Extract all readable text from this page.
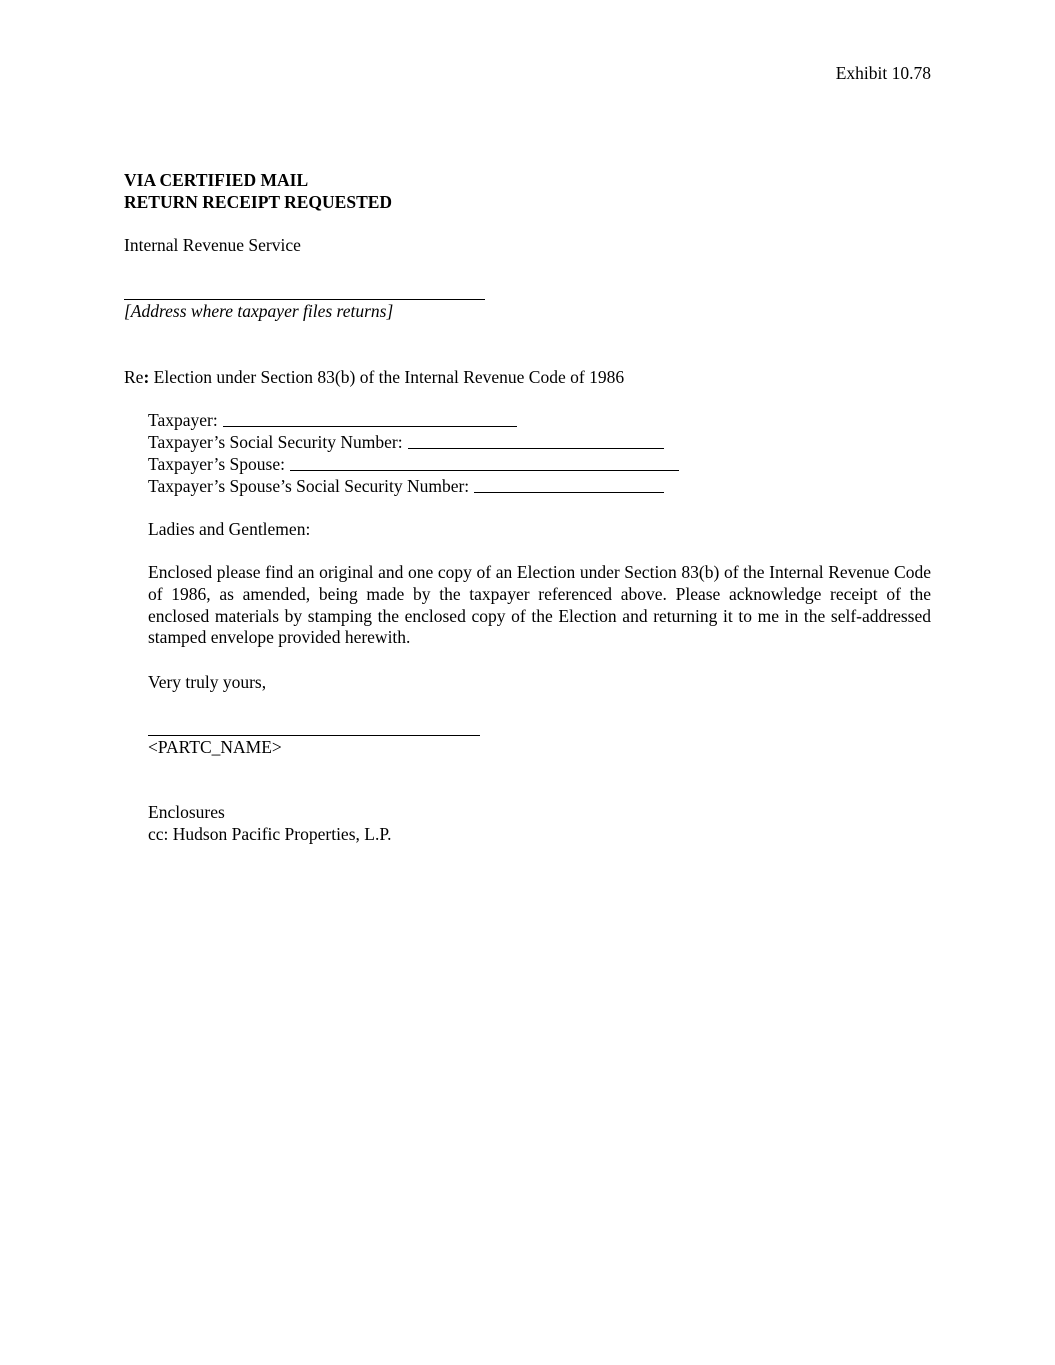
Exhibit 10.78
VIA CERTIFIED MAIL
RETURN RECEIPT REQUESTED
Internal Revenue Service
[Address where taxpayer files returns]
Re: Election under Section 83(b) of the Internal Revenue Code of 1986
Taxpayer:
Taxpayer’s Social Security Number:
Taxpayer’s Spouse:
Taxpayer’s Spouse’s Social Security Number:
Ladies and Gentlemen:
Enclosed please find an original and one copy of an Election under Section 83(b) of the Internal Revenue Code of 1986, as amended, being made by the taxpayer referenced above. Please acknowledge receipt of the enclosed materials by stamping the enclosed copy of the Election and returning it to me in the self-addressed stamped envelope provided herewith.
Very truly yours,
<PARTC_NAME>
Enclosures
cc: Hudson Pacific Properties, L.P.
